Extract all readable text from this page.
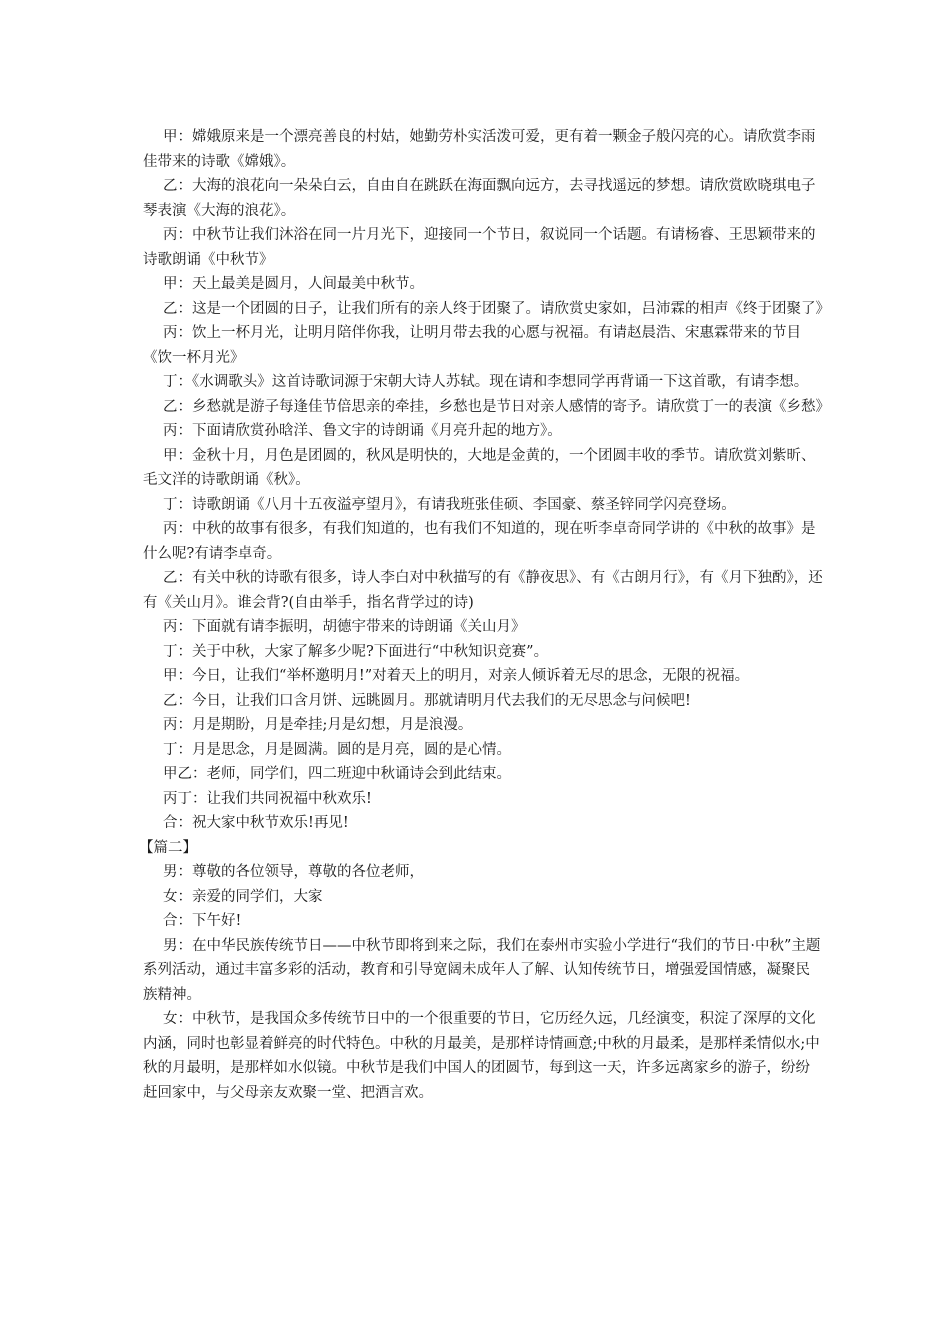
甲：嫦娥原来是一个漂亮善良的村姑，她勤劳朴实活泼可爱，更有着一颗金子般闪亮的心。请欣赏李雨佳带来的诗歌《嫦娥》。

乙：大海的浪花向一朵朵白云，自由自在跳跃在海面飘向远方，去寻找遥远的梦想。请欣赏欧晓琪电子琴表演《大海的浪花》。

丙：中秋节让我们沐浴在同一片月光下，迎接同一个节日，叙说同一个话题。有请杨睿、王思颖带来的诗歌朗诵《中秋节》

甲：天上最美是圆月，人间最美中秋节。

乙：这是一个团圆的日子，让我们所有的亲人终于团聚了。请欣赏史家如，吕沛霖的相声《终于团聚了》

丙：饮上一杯月光，让明月陪伴你我，让明月带去我的心愿与祝福。有请赵晨浩、宋惠霖带来的节目《饮一杯月光》

丁：《水调歌头》这首诗歌词源于宋朝大诗人苏轼。现在请和李想同学再背诵一下这首歌，有请李想。

乙：乡愁就是游子每逢佳节倍思亲的牵挂，乡愁也是节日对亲人感情的寄予。请欣赏丁一的表演《乡愁》

丙：下面请欣赏孙晗洋、鲁文宇的诗朗诵《月亮升起的地方》。

甲：金秋十月，月色是团圆的，秋风是明快的，大地是金黄的，一个团圆丰收的季节。请欣赏刘紫昕、毛文洋的诗歌朗诵《秋》。

丁：诗歌朗诵《八月十五夜溢亭望月》，有请我班张佳硕、李国豪、蔡圣锌同学闪亮登场。

丙：中秋的故事有很多，有我们知道的，也有我们不知道的，现在听李卓奇同学讲的《中秋的故事》是什么呢?有请李卓奇。

乙：有关中秋的诗歌有很多，诗人李白对中秋描写的有《静夜思》、有《古朗月行》，有《月下独酌》，还有《关山月》。谁会背?(自由举手，指名背学过的诗)

丙：下面就有请李振明，胡德宇带来的诗朗诵《关山月》

丁：关于中秋，大家了解多少呢?下面进行“中秋知识竞赛”。

甲：今日，让我们“举杯邀明月!”对着天上的明月，对亲人倾诉着无尽的思念，无限的祝福。

乙：今日，让我们口含月饼、远眺圆月。那就请明月代去我们的无尽思念与问候吧!

丙：月是期盼，月是牵挂;月是幻想，月是浪漫。

丁：月是思念，月是圆满。圆的是月亮，圆的是心情。

甲乙：老师，同学们，四二班迎中秋诵诗会到此结束。

丙丁：让我们共同祝福中秋欢乐!

合：祝大家中秋节欢乐!再见!

【篇二】

男：尊敬的各位领导，尊敬的各位老师，

女：亲爱的同学们，大家

合：下午好!

男：在中华民族传统节日——中秋节即将到来之际，我们在泰州市实验小学进行“我们的节日·中秋”主题系列活动，通过丰富多彩的活动，教育和引导宽阔未成年人了解、认知传统节日，增强爱国情感，凝聚民族精神。

女：中秋节，是我国众多传统节日中的一个很重要的节日，它历经久远，几经演变，积淀了深厚的文化内涵，同时也彰显着鲜亮的时代特色。中秋的月最美，是那样诗情画意;中秋的月最柔，是那样柔情似水;中秋的月最明，是那样如水似镜。中秋节是我们中国人的团圆节，每到这一天，许多远离家乡的游子，纷纷赶回家中，与父母亲友欢聚一堂、把酒言欢。
